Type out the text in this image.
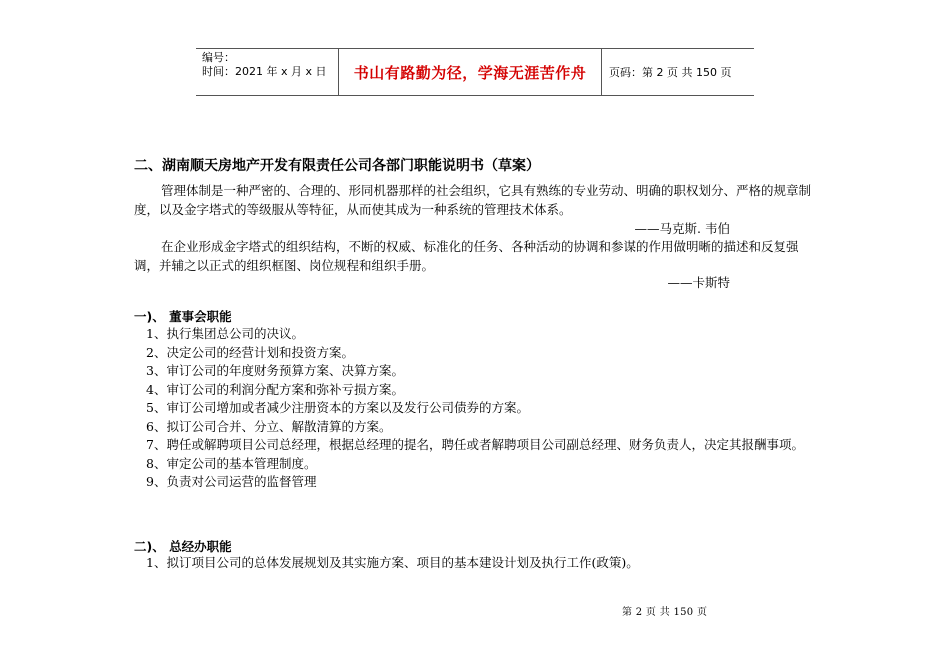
编号：
时间：2021 年 x 月 x 日	书山有路勤为径，学海无涯苦作舟 页码：第 2 页 共 150 页
二、湖南顺天房地产开发有限责任公司各部门职能说明书（草案）

管理体制是一种严密的、合理的、形同机器那样的社会组织，它具有熟练的专业劳动、明确的职权划分、严格的规章制度，以及金字塔式的等级服从等特征，从而使其成为一种系统的管理技术体系。

——马克斯. 韦伯

在企业形成金字塔式的组织结构，不断的权威、标准化的任务、各种活动的协调和参谋的作用做明晰的描述和反复强调，并辅之以正式的组织框图、岗位规程和组织手册。

——卡斯特
一)、 董事会职能
1、执行集团总公司的决议。
2、决定公司的经营计划和投资方案。
3、审订公司的年度财务预算方案、决算方案。
4、审订公司的利润分配方案和弥补亏损方案。
5、审订公司增加或者减少注册资本的方案以及发行公司债券的方案。
6、拟订公司合并、分立、解散清算的方案。
7、聘任或解聘项目公司总经理，根据总经理的提名，聘任或者解聘项目公司副总经理、财务负责人，决定其报酬事项。
8、审定公司的基本管理制度。
9、负责对公司运营的监督管理
二)、 总经办职能
1、拟订项目公司的总体发展规划及其实施方案、项目的基本建设计划及执行工作(政策)。
第 2 页 共 150 页
